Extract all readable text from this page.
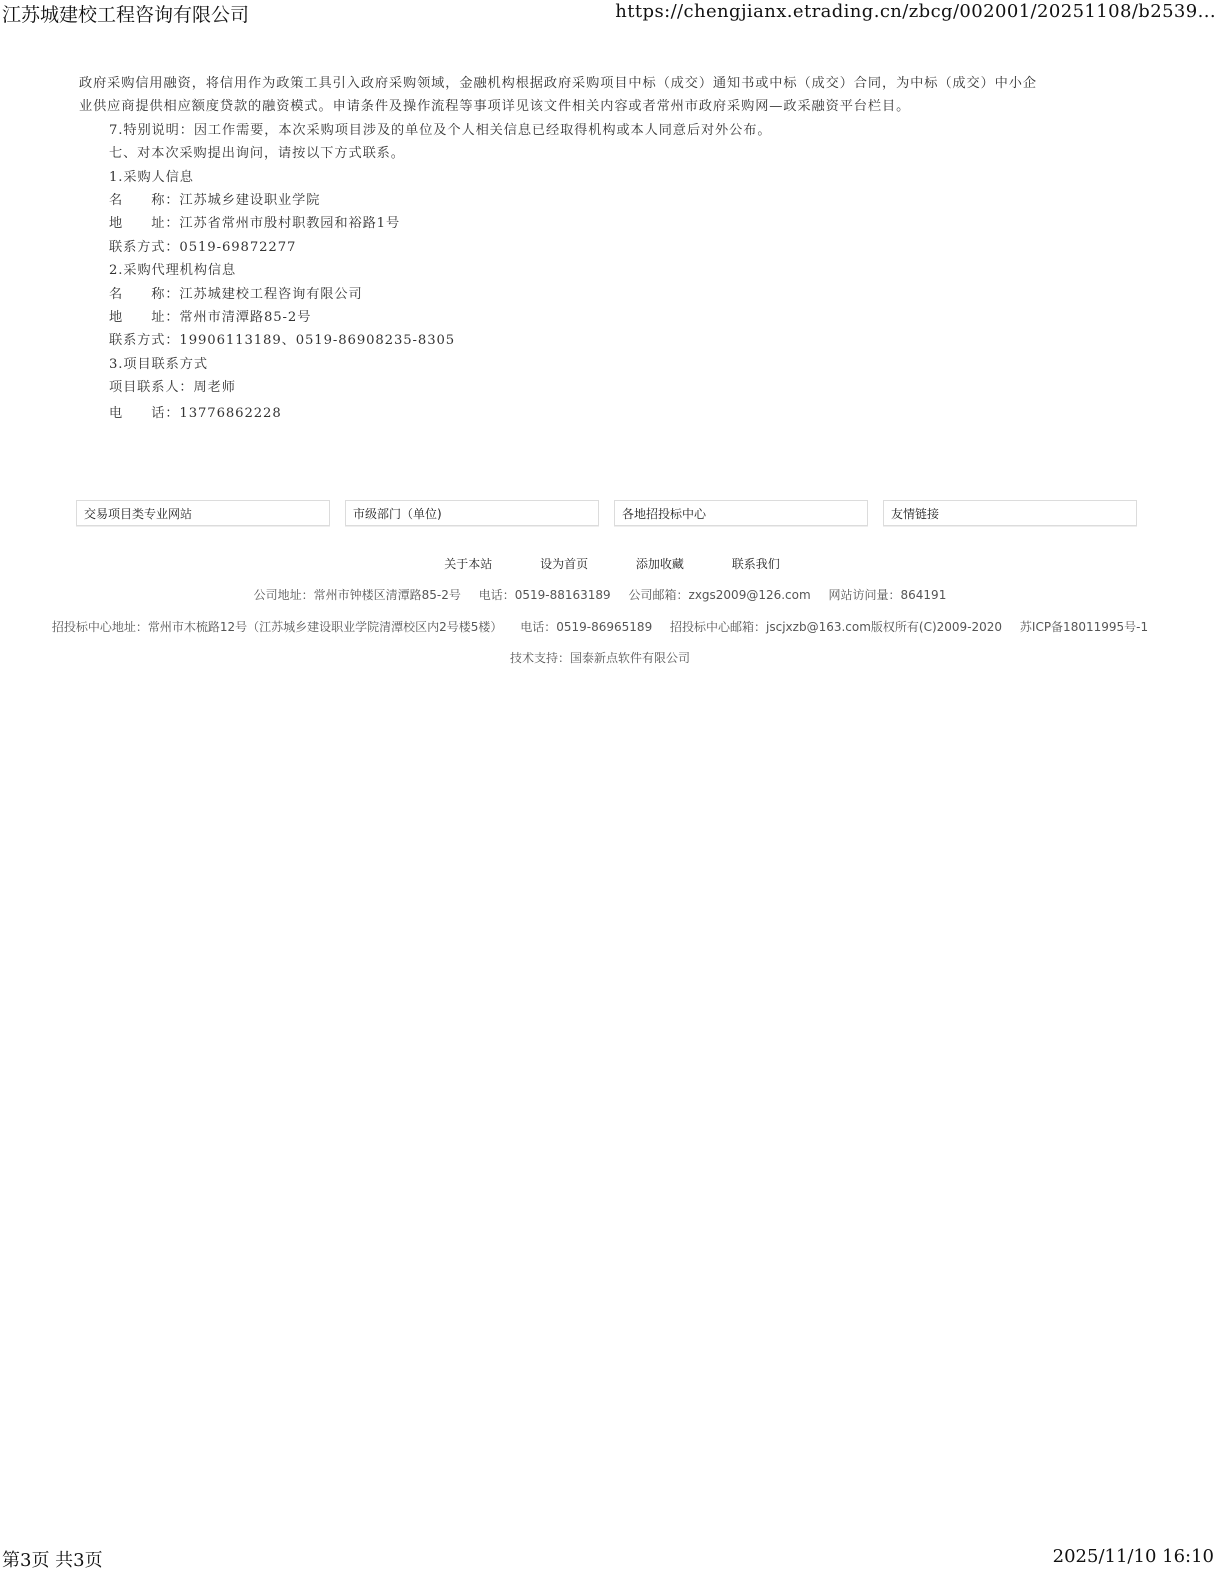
江苏城建校工程咨询有限公司	https://chengjianx.etrading.cn/zbcg/002001/20251108/b2539...

政府采购信用融资，将信用作为政策工具引入政府采购领域，金融机构根据政府采购项目中标（成交）通知书或中标（成交）合同，为中标（成交）中小企

业供应商提供相应额度贷款的融资模式。申请条件及操作流程等事项详见该文件相关内容或者常州市政府采购网—政采融资平台栏目。

7.特别说明：因工作需要，本次采购项目涉及的单位及个人相关信息已经取得机构或本人同意后对外公布。

七、对本次采购提出询问，请按以下方式联系。

1.采购人信息

名　　称：江苏城乡建设职业学院

地　　址：江苏省常州市殷村职教园和裕路1号

联系方式：0519-69872277

2.采购代理机构信息

名　　称：江苏城建校工程咨询有限公司

地　　址：常州市清潭路85-2号

联系方式：19906113189、0519-86908235-8305

3.项目联系方式

项目联系人：周老师

电　　话：13776862228

交易项目类专业网站	市级部门（单位)	各地招投标中心	友情链接
关于本站	设为首页	添加收藏	联系我们
公司地址：常州市钟楼区清潭路85-2号 电话：0519-88163189 公司邮箱：zxgs2009@126.com 网站访问量：864191
招投标中心地址：常州市木梳路12号（江苏城乡建设职业学院清潭校区内2号楼5楼） 电话：0519-86965189 招投标中心邮箱：jscjxzb@163.com版权所有(C)2009-2020 苏ICP备18011995号-1
技术支持：国泰新点软件有限公司
第3页 共3页	2025/11/10 16:10
